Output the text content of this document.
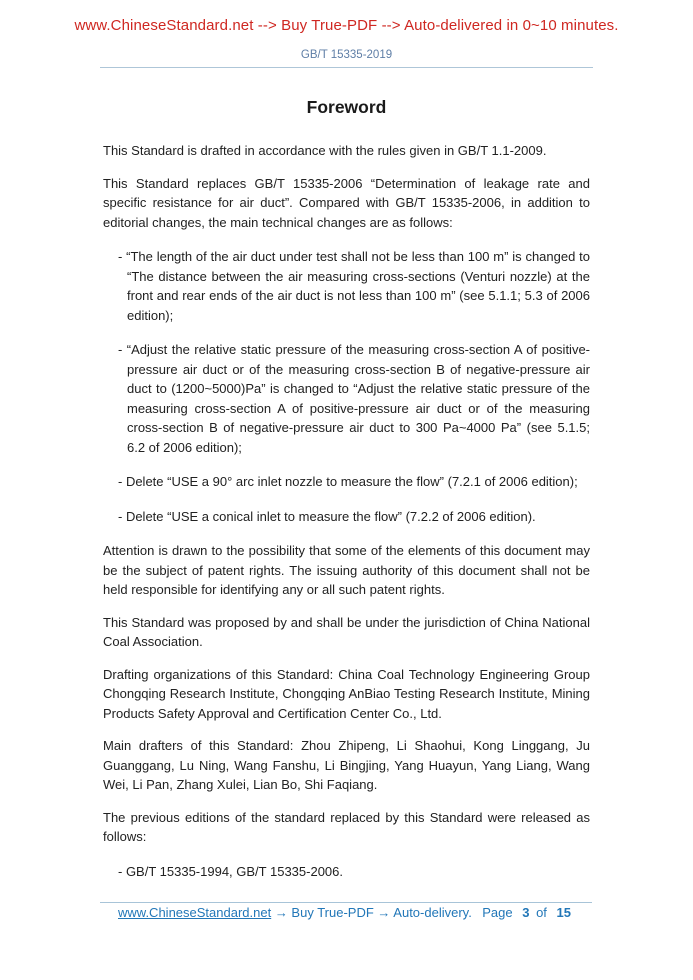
www.ChineseStandard.net --> Buy True-PDF --> Auto-delivered in 0~10 minutes.
GB/T 15335-2019
Foreword
This Standard is drafted in accordance with the rules given in GB/T 1.1-2009.
This Standard replaces GB/T 15335-2006 “Determination of leakage rate and specific resistance for air duct”. Compared with GB/T 15335-2006, in addition to editorial changes, the main technical changes are as follows:
- “The length of the air duct under test shall not be less than 100 m” is changed to “The distance between the air measuring cross-sections (Venturi nozzle) at the front and rear ends of the air duct is not less than 100 m” (see 5.1.1; 5.3 of 2006 edition);
- “Adjust the relative static pressure of the measuring cross-section A of positive-pressure air duct or of the measuring cross-section B of negative-pressure air duct to (1200~5000)Pa” is changed to “Adjust the relative static pressure of the measuring cross-section A of positive-pressure air duct or of the measuring cross-section B of negative-pressure air duct to 300 Pa~4000 Pa” (see 5.1.5; 6.2 of 2006 edition);
- Delete “USE a 90° arc inlet nozzle to measure the flow” (7.2.1 of 2006 edition);
- Delete “USE a conical inlet to measure the flow” (7.2.2 of 2006 edition).
Attention is drawn to the possibility that some of the elements of this document may be the subject of patent rights. The issuing authority of this document shall not be held responsible for identifying any or all such patent rights.
This Standard was proposed by and shall be under the jurisdiction of China National Coal Association.
Drafting organizations of this Standard: China Coal Technology Engineering Group Chongqing Research Institute, Chongqing AnBiao Testing Research Institute, Mining Products Safety Approval and Certification Center Co., Ltd.
Main drafters of this Standard: Zhou Zhipeng, Li Shaohui, Kong Linggang, Ju Guanggang, Lu Ning, Wang Fanshu, Li Bingjing, Yang Huayun, Yang Liang, Wang Wei, Li Pan, Zhang Xulei, Lian Bo, Shi Faqiang.
The previous editions of the standard replaced by this Standard were released as follows:
- GB/T 15335-1994, GB/T 15335-2006.
www.ChineseStandard.net → Buy True-PDF → Auto-delivery. Page 3 of 15
